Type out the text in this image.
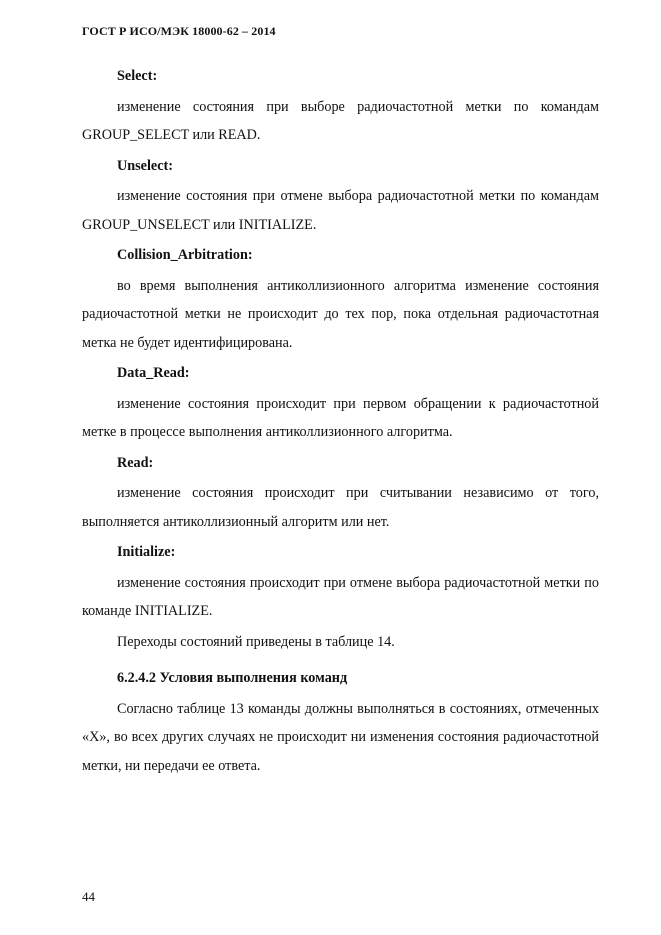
ГОСТ Р ИСО/МЭК 18000-62 – 2014
Select:
изменение состояния при выборе радиочастотной метки по командам GROUP_SELECT или READ.
Unselect:
изменение состояния при отмене выбора радиочастотной метки по командам GROUP_UNSELECT или INITIALIZE.
Collision_Arbitration:
во время выполнения антиколлизионного алгоритма изменение состояния радиочастотной метки не происходит до тех пор, пока отдельная радиочастотная метка не будет идентифицирована.
Data_Read:
изменение состояния происходит при первом обращении к радиочастотной метке в процессе выполнения антиколлизионного алгоритма.
Read:
изменение состояния происходит при считывании независимо от того, выполняется антиколлизионный алгоритм или нет.
Initialize:
изменение состояния происходит при отмене выбора радиочастотной метки по команде INITIALIZE.
Переходы состояний приведены в таблице 14.
6.2.4.2 Условия выполнения команд
Согласно таблице 13 команды должны выполняться в состояниях, отмеченных «X», во всех других случаях не происходит ни изменения состояния радиочастотной метки, ни передачи ее ответа.
44
